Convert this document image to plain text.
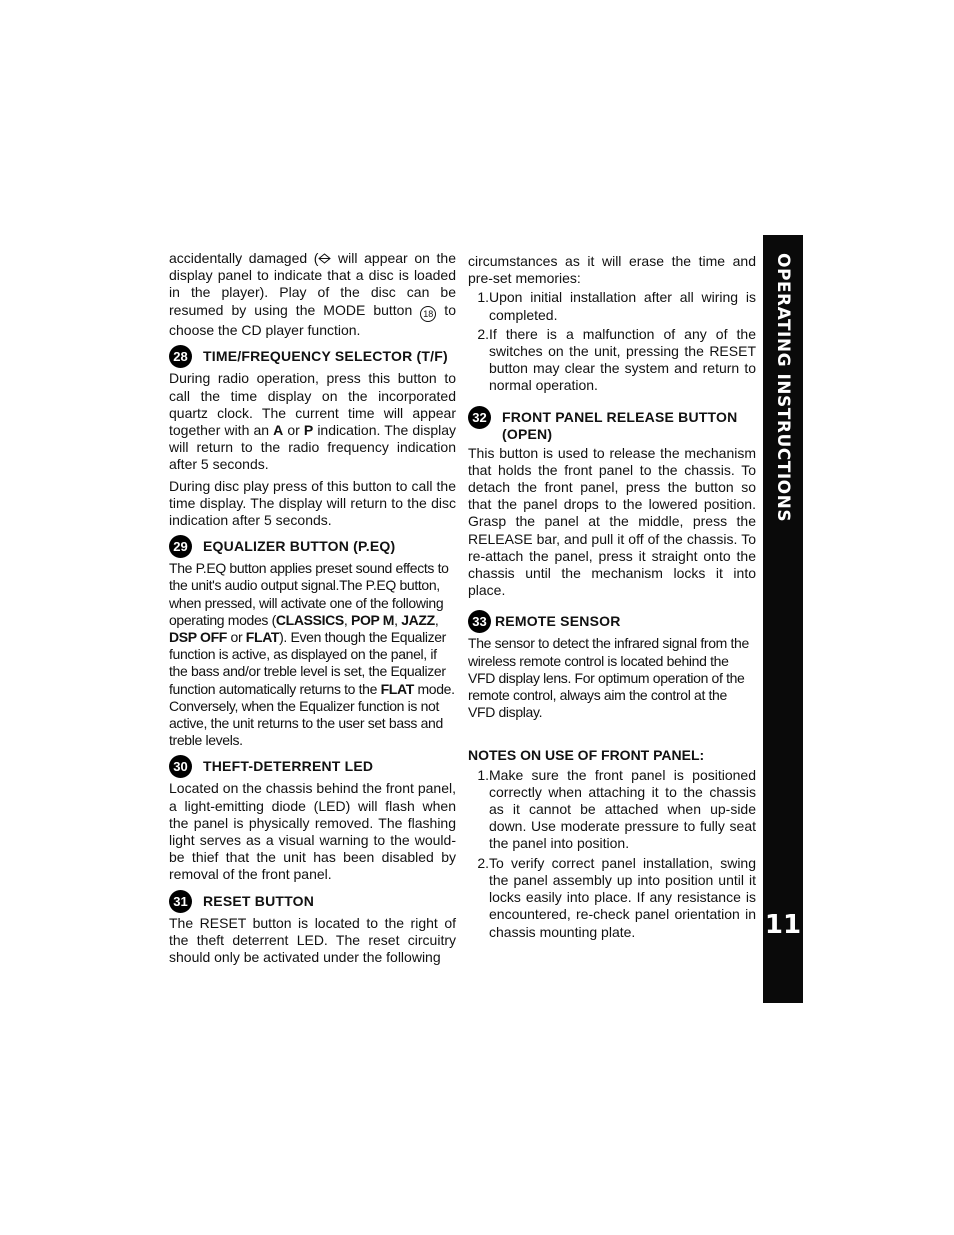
accidentally damaged ( will appear on the display panel to indicate that a disc is loaded in the player). Play of the disc can be resumed by using the MODE button 18 to choose the CD player function.

28	TIME/FREQUENCY SELECTOR (T/F)

During radio operation, press this button to call the time display on the incorporated quartz clock. The current time will appear together with an A or P indication. The display will return to the radio frequency indication after 5 seconds.

During disc play press of this button to call the time display. The display will return to the disc indication after 5 seconds.

29	EQUALIZER BUTTON (P.EQ)

The P.EQ button applies preset sound effects to the unit's audio output signal.The P.EQ button, when pressed, will activate one of the following operating modes (CLASSICS, POP M, JAZZ, DSP OFF or FLAT). Even though the Equalizer function is active, as displayed on the panel, if the bass and/or treble level is set, the Equalizer function automatically returns to the FLAT mode. Conversely, when the Equalizer function is not active, the unit returns to the user set bass and treble levels.

30	THEFT-DETERRENT LED

Located on the chassis behind the front panel, a light-emitting diode (LED) will flash when the panel is physically removed. The flashing light serves as a visual warning to the would-be thief that the unit has been disabled by removal of the front panel.

31	RESET BUTTON

The RESET button is located to the right of the theft deterrent LED. The reset circuitry should only be activated under the following

circumstances as it will erase the time and pre-set memories:

1. Upon initial installation after all wiring is completed.
2. If there is a malfunction of any of the switches on the unit, pressing the RESET button may clear the system and return to normal operation.
32	FRONT PANEL RELEASE BUTTON (OPEN)

This button is used to release the mechanism that holds the front panel to the chassis. To detach the front panel, press the button so that the panel drops to the lowered position. Grasp the panel at the middle, press the RELEASE bar, and pull it off of the chassis. To re-attach the panel, press it straight onto the chassis until the mechanism locks it into place.

33 REMOTE SENSOR

The sensor to detect the infrared signal from the wireless remote control is located behind the VFD display lens. For optimum operation of the remote control, always aim the control at the VFD display.

NOTES ON USE OF FRONT PANEL:
1. Make sure the front panel is positioned correctly when attaching it to the chassis as it cannot be attached when up-side down. Use moderate pressure to fully seat the panel into position.
2. To verify correct panel installation, swing the panel assembly up into position until it locks easily into place. If any resistance is encountered, re-check panel orientation in chassis mounting plate.
OPERATING INSTRUCTIONS
11
